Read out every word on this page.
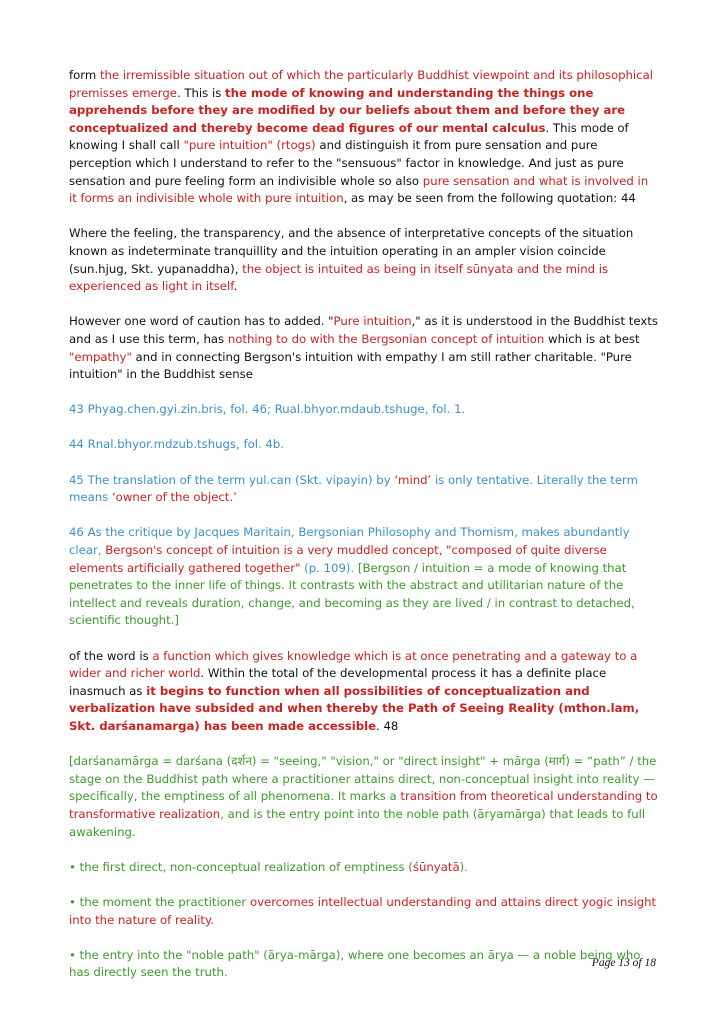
form the irremissible situation out of which the particularly Buddhist viewpoint and its philosophical premisses emerge. This is the mode of knowing and understanding the things one apprehends before they are modified by our beliefs about them and before they are conceptualized and thereby become dead figures of our mental calculus. This mode of knowing I shall call "pure intuition" (rtogs) and distinguish it from pure sensation and pure perception which I understand to refer to the "sensuous" factor in knowledge. And just as pure sensation and pure feeling form an indivisible whole so also pure sensation and what is involved in it forms an indivisible whole with pure intuition, as may be seen from the following quotation: 44

Where the feeling, the transparency, and the absence of interpretative concepts of the situation known as indeterminate tranquillity and the intuition operating in an ampler vision coincide (sun.hjug, Skt. yupanaddha), the object is intuited as being in itself sūnyata and the mind is experienced as light in itself.

However one word of caution has to added. "Pure intuition," as it is understood in the Buddhist texts and as I use this term, has nothing to do with the Bergsonian concept of intuition which is at best "empathy" and in connecting Bergson's intuition with empathy I am still rather charitable. "Pure intuition" in the Buddhist sense

43 Phyag.chen.gyi.zin.bris, fol. 46; Rual.bhyor.mdaub.tshuge, fol. 1.

44 Rnal.bhyor.mdzub.tshugs, fol. 4b.

45 The translation of the term yul.can (Skt. vipayin) by ‘mind’ is only tentative. Literally the term means ‘owner of the object.’

46 As the critique by Jacques Maritain, Bergsonian Philosophy and Thomism, makes abundantly clear, Bergson's concept of intuition is a very muddled concept, "composed of quite diverse elements artificially gathered together" (p. 109). [Bergson / intuition = a mode of knowing that penetrates to the inner life of things. It contrasts with the abstract and utilitarian nature of the intellect and reveals duration, change, and becoming as they are lived / in contrast to detached, scientific thought.]

of the word is a function which gives knowledge which is at once penetrating and a gateway to a wider and richer world. Within the total of the developmental process it has a definite place inasmuch as it begins to function when all possibilities of conceptualization and verbalization have subsided and when thereby the Path of Seeing Reality (mthon.lam, Skt. darśanamarga) has been made accessible. 48

[darśanamārga = darśana (दर्शन) = "seeing," "vision," or "direct insight" + mārga (मार्ग) = “path” / the stage on the Buddhist path where a practitioner attains direct, non-conceptual insight into reality — specifically, the emptiness of all phenomena. It marks a transition from theoretical understanding to transformative realization, and is the entry point into the noble path (āryamārga) that leads to full awakening.

• the first direct, non-conceptual realization of emptiness (śūnyatā).

• the moment the practitioner overcomes intellectual understanding and attains direct yogic insight into the nature of reality.

• the entry into the "noble path" (ārya-mārga), where one becomes an ārya — a noble being who has directly seen the truth.

Page 13 of 18
